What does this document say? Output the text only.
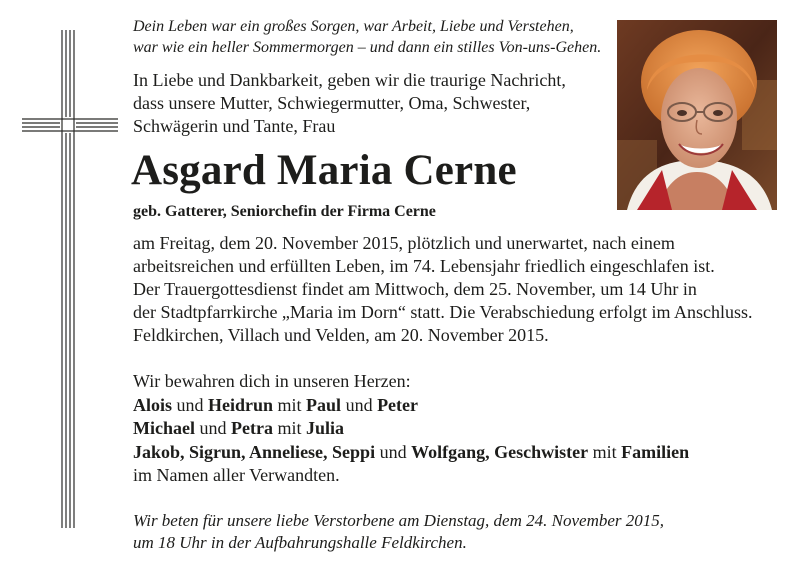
Dein Leben war ein großes Sorgen, war Arbeit, Liebe und Verstehen,

war wie ein heller Sommermorgen – und dann ein stilles Von-uns-Gehen.

In Liebe und Dankbarkeit, geben wir die traurige Nachricht,

dass unsere Mutter, Schwiegermutter, Oma, Schwester,

Schwägerin und Tante, Frau

Asgard Maria Cerne
geb. Gatterer, Seniorchefin der Firma Cerne

am Freitag, dem 20. November 2015, plötzlich und unerwartet, nach einem

arbeitsreichen und erfüllten Leben, im 74. Lebensjahr friedlich eingeschlafen ist.

Der Trauergottesdienst findet am Mittwoch, dem 25. November, um 14 Uhr in

der Stadtpfarrkirche „Maria im Dorn“ statt. Die Verabschiedung erfolgt im Anschluss.

Feldkirchen, Villach und Velden, am 20. November 2015.

Wir bewahren dich in unseren Herzen:

Alois und Heidrun mit Paul und Peter

Michael und Petra mit Julia

Jakob, Sigrun, Anneliese, Seppi und Wolfgang, Geschwister mit Familien

im Namen aller Verwandten.

Wir beten für unsere liebe Verstorbene am Dienstag, dem 24. November 2015,

um 18 Uhr in der Aufbahrungshalle Feldkirchen.
